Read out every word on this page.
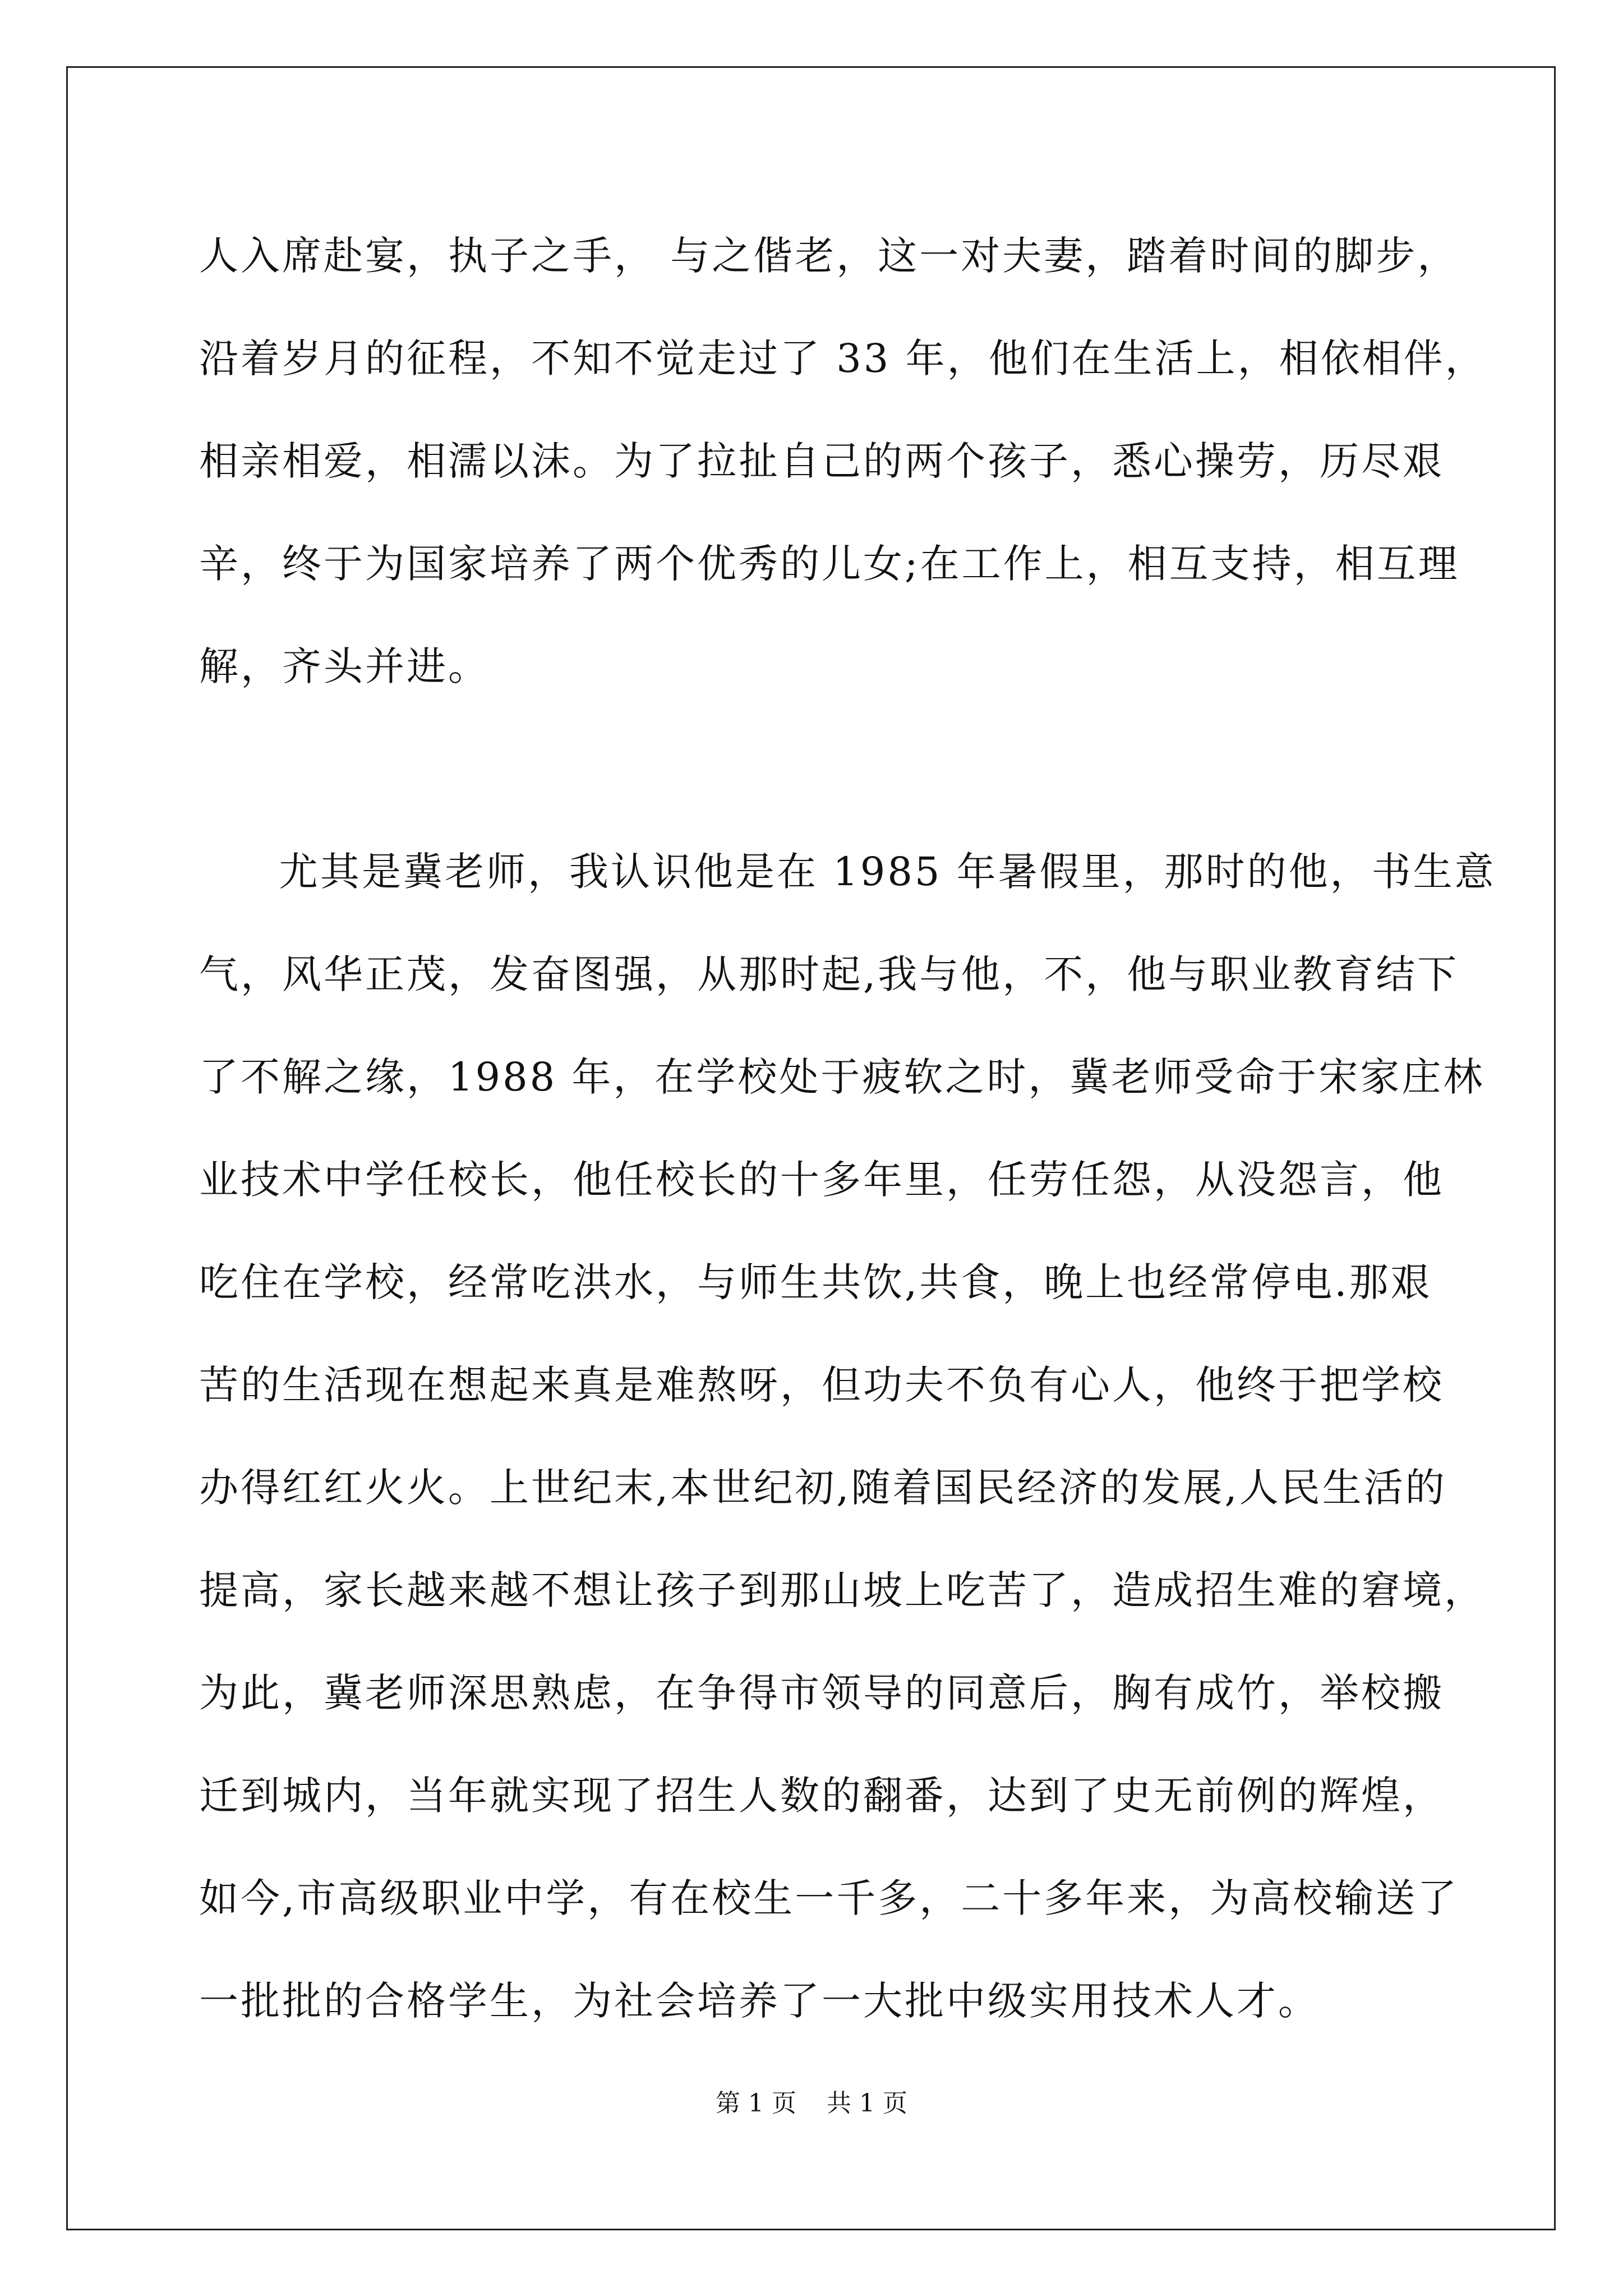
人入席赴宴，执子之手， 与之偕老，这一对夫妻，踏着时间的脚步，
沿着岁月的征程，不知不觉走过了 33 年，他们在生活上，相依相伴，
相亲相爱，相濡以沫。为了拉扯自己的两个孩子，悉心操劳，历尽艰
辛，终于为国家培养了两个优秀的儿女;在工作上，相互支持，相互理
解，齐头并进。
尤其是冀老师，我认识他是在 1985 年暑假里，那时的他，书生意
气，风华正茂，发奋图强，从那时起,我与他，不，他与职业教育结下
了不解之缘，1988 年，在学校处于疲软之时，冀老师受命于宋家庄林
业技术中学任校长，他任校长的十多年里，任劳任怨，从没怨言，他
吃住在学校，经常吃洪水，与师生共饮,共食，晚上也经常停电.那艰
苦的生活现在想起来真是难熬呀，但功夫不负有心人，他终于把学校
办得红红火火。上世纪末,本世纪初,随着国民经济的发展,人民生活的
提高，家长越来越不想让孩子到那山坡上吃苦了，造成招生难的窘境，
为此，冀老师深思熟虑，在争得市领导的同意后，胸有成竹，举校搬
迁到城内，当年就实现了招生人数的翻番，达到了史无前例的辉煌，
如今,市高级职业中学，有在校生一千多，二十多年来，为高校输送了
一批批的合格学生，为社会培养了一大批中级实用技术人才。
第 1 页 共 1 页
